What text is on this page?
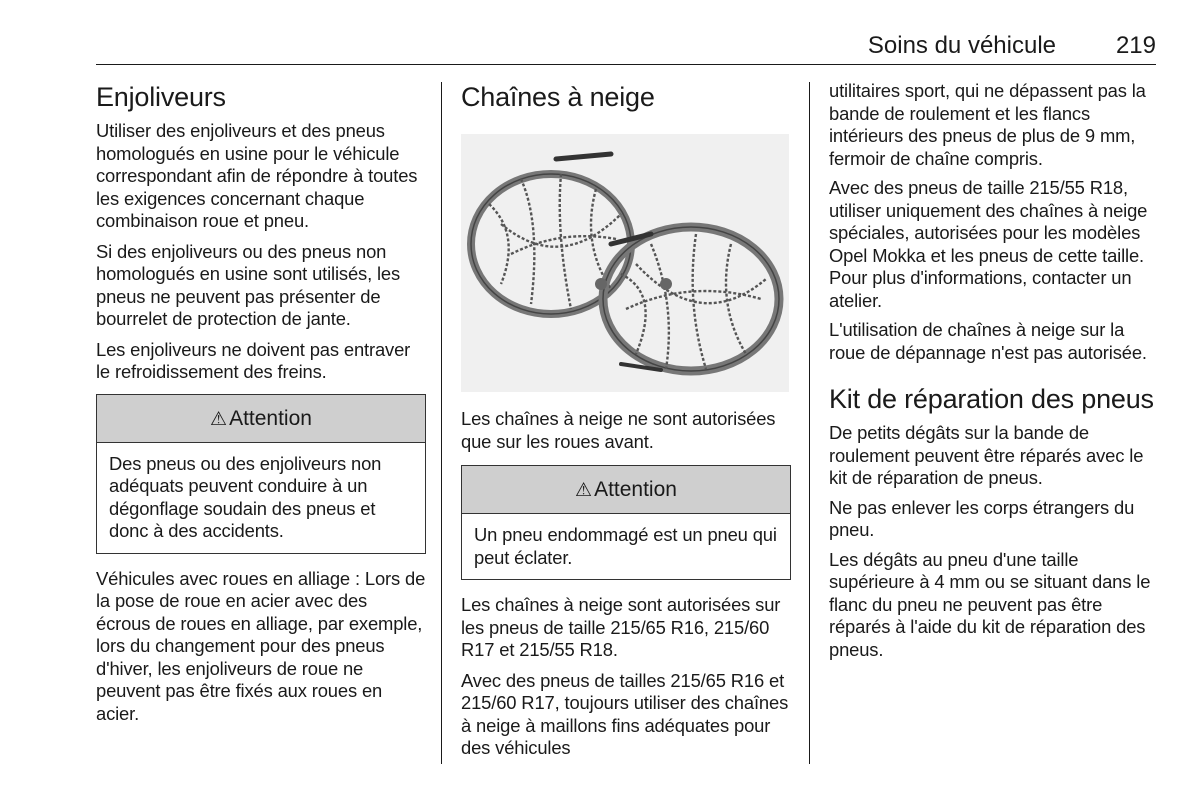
Soins du véhicule 219
Enjoliveurs

Utiliser des enjoliveurs et des pneus homologués en usine pour le véhicule correspondant afin de répondre à toutes les exigences concernant chaque combinaison roue et pneu.

Si des enjoliveurs ou des pneus non homologués en usine sont utilisés, les pneus ne peuvent pas présenter de bourrelet de protection de jante.

Les enjoliveurs ne doivent pas entraver le refroidissement des freins.

⚠Attention
Des pneus ou des enjoliveurs non adéquats peuvent conduire à un dégonflage soudain des pneus et donc à des accidents.

Véhicules avec roues en alliage : Lors de la pose de roue en acier avec des écrous de roues en alliage, par exemple, lors du changement pour des pneus d'hiver, les enjoliveurs de roue ne peuvent pas être fixés aux roues en acier.

Chaînes à neige

Les chaînes à neige ne sont autorisées que sur les roues avant.

⚠Attention
Un pneu endommagé est un pneu qui peut éclater.

Les chaînes à neige sont autorisées sur les pneus de taille 215/65 R16, 215/60 R17 et 215/55 R18.

Avec des pneus de tailles 215/65 R16 et 215/60 R17, toujours utiliser des chaînes à neige à maillons fins adéquates pour des véhicules

utilitaires sport, qui ne dépassent pas la bande de roulement et les flancs intérieurs des pneus de plus de 9 mm, fermoir de chaîne compris.

Avec des pneus de taille 215/55 R18, utiliser uniquement des chaînes à neige spéciales, autorisées pour les modèles Opel Mokka et les pneus de cette taille. Pour plus d'informations, contacter un atelier.

L'utilisation de chaînes à neige sur la roue de dépannage n'est pas autorisée.

Kit de réparation des pneus

De petits dégâts sur la bande de roulement peuvent être réparés avec le kit de réparation de pneus.

Ne pas enlever les corps étrangers du pneu.

Les dégâts au pneu d'une taille supérieure à 4 mm ou se situant dans le flanc du pneu ne peuvent pas être réparés à l'aide du kit de réparation des pneus.
